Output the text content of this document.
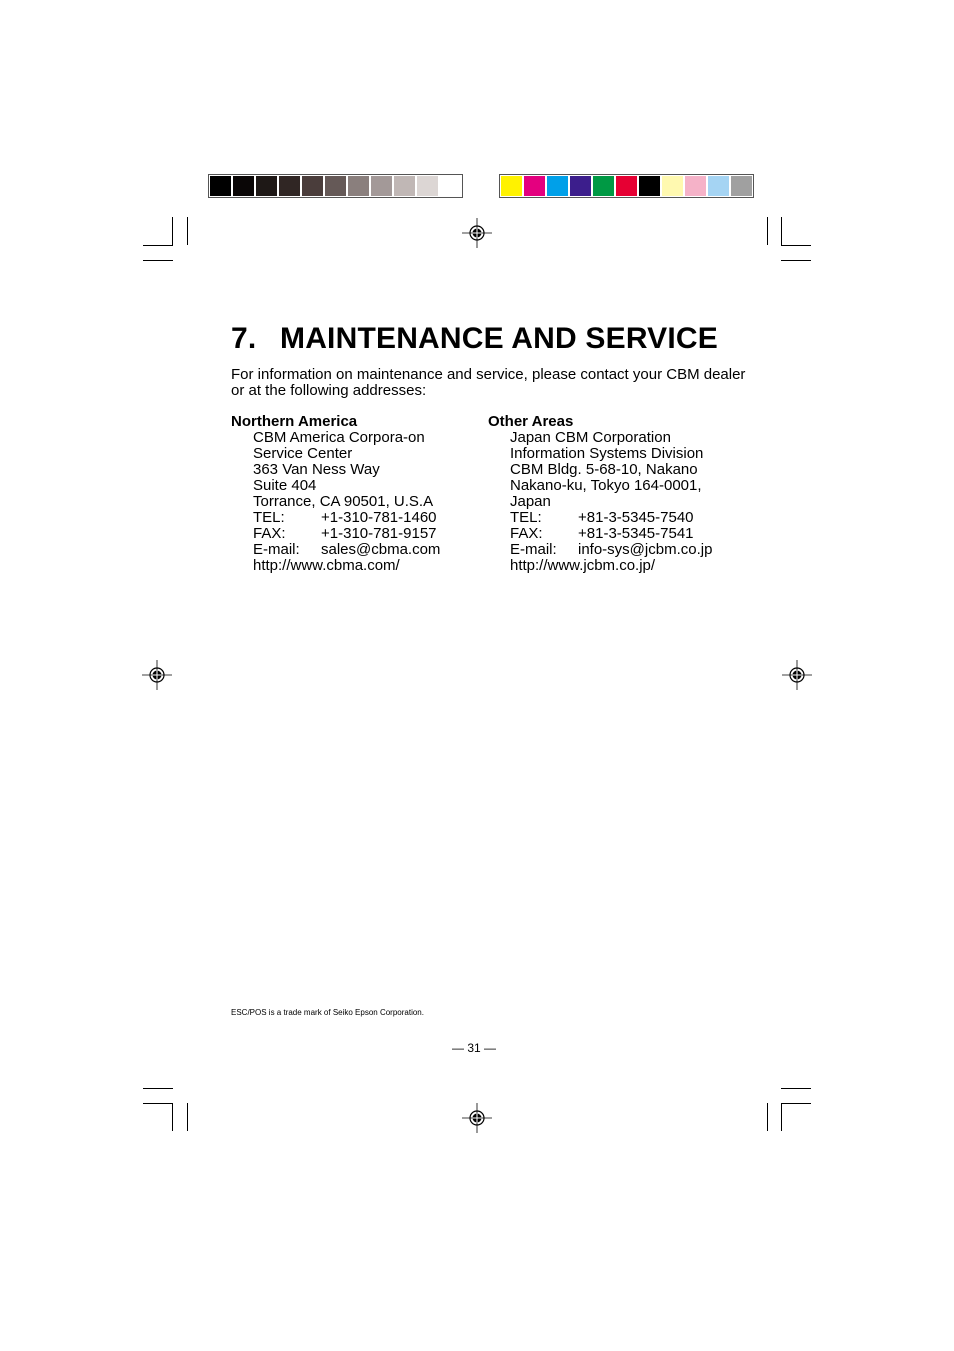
7. MAINTENANCE AND SERVICE

For information on maintenance and service, please contact your CBM dealer or at the following addresses:

Northern America
CBM America Corpora-on
Service Center
363 Van Ness Way
Suite 404
Torrance, CA 90501, U.S.A
TEL: +1-310-781-1460
FAX: +1-310-781-9157
E-mail: sales@cbma.com
http://www.cbma.com/
Other Areas
Japan CBM Corporation
Information Systems Division
CBM Bldg. 5-68-10, Nakano
Nakano-ku, Tokyo 164-0001,
Japan
TEL: +81-3-5345-7540
FAX: +81-3-5345-7541
E-mail: info-sys@jcbm.co.jp
http://www.jcbm.co.jp/
ESC/POS is a trade mark of Seiko Epson Corporation.
— 31 —
